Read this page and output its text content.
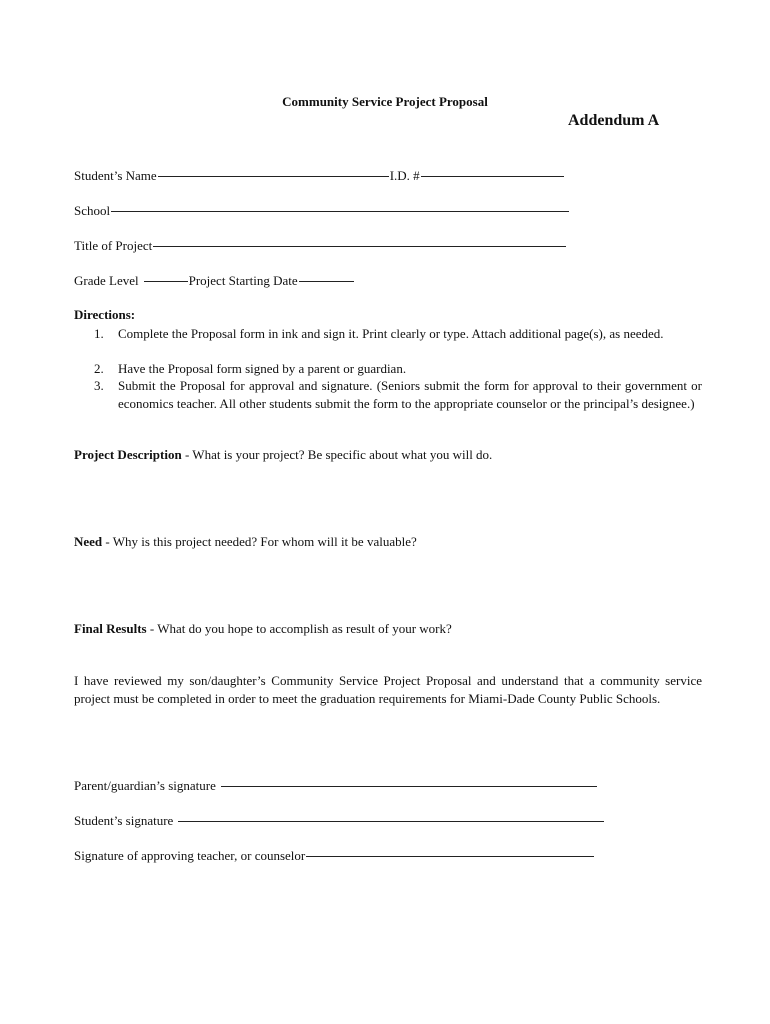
Community Service Project Proposal
Addendum A
Student’s Name	I.D. #
School
Title of Project
Grade Level	Project Starting Date
Directions:
1.	Complete the Proposal form in ink and sign it. Print clearly or type. Attach additional page(s), as needed.
2.	Have the Proposal form signed by a parent or guardian.
3.	Submit the Proposal for approval and signature. (Seniors submit the form for approval to their government or economics teacher. All other students submit the form to the appropriate counselor or the principal’s designee.)
Project Description - What is your project? Be specific about what you will do.
Need - Why is this project needed? For whom will it be valuable?
Final Results - What do you hope to accomplish as result of your work?
I have reviewed my son/daughter’s Community Service Project Proposal and understand that a community service project must be completed in order to meet the graduation requirements for Miami-Dade County Public Schools.
Parent/guardian’s signature
Student’s signature
Signature of approving teacher, or counselor
